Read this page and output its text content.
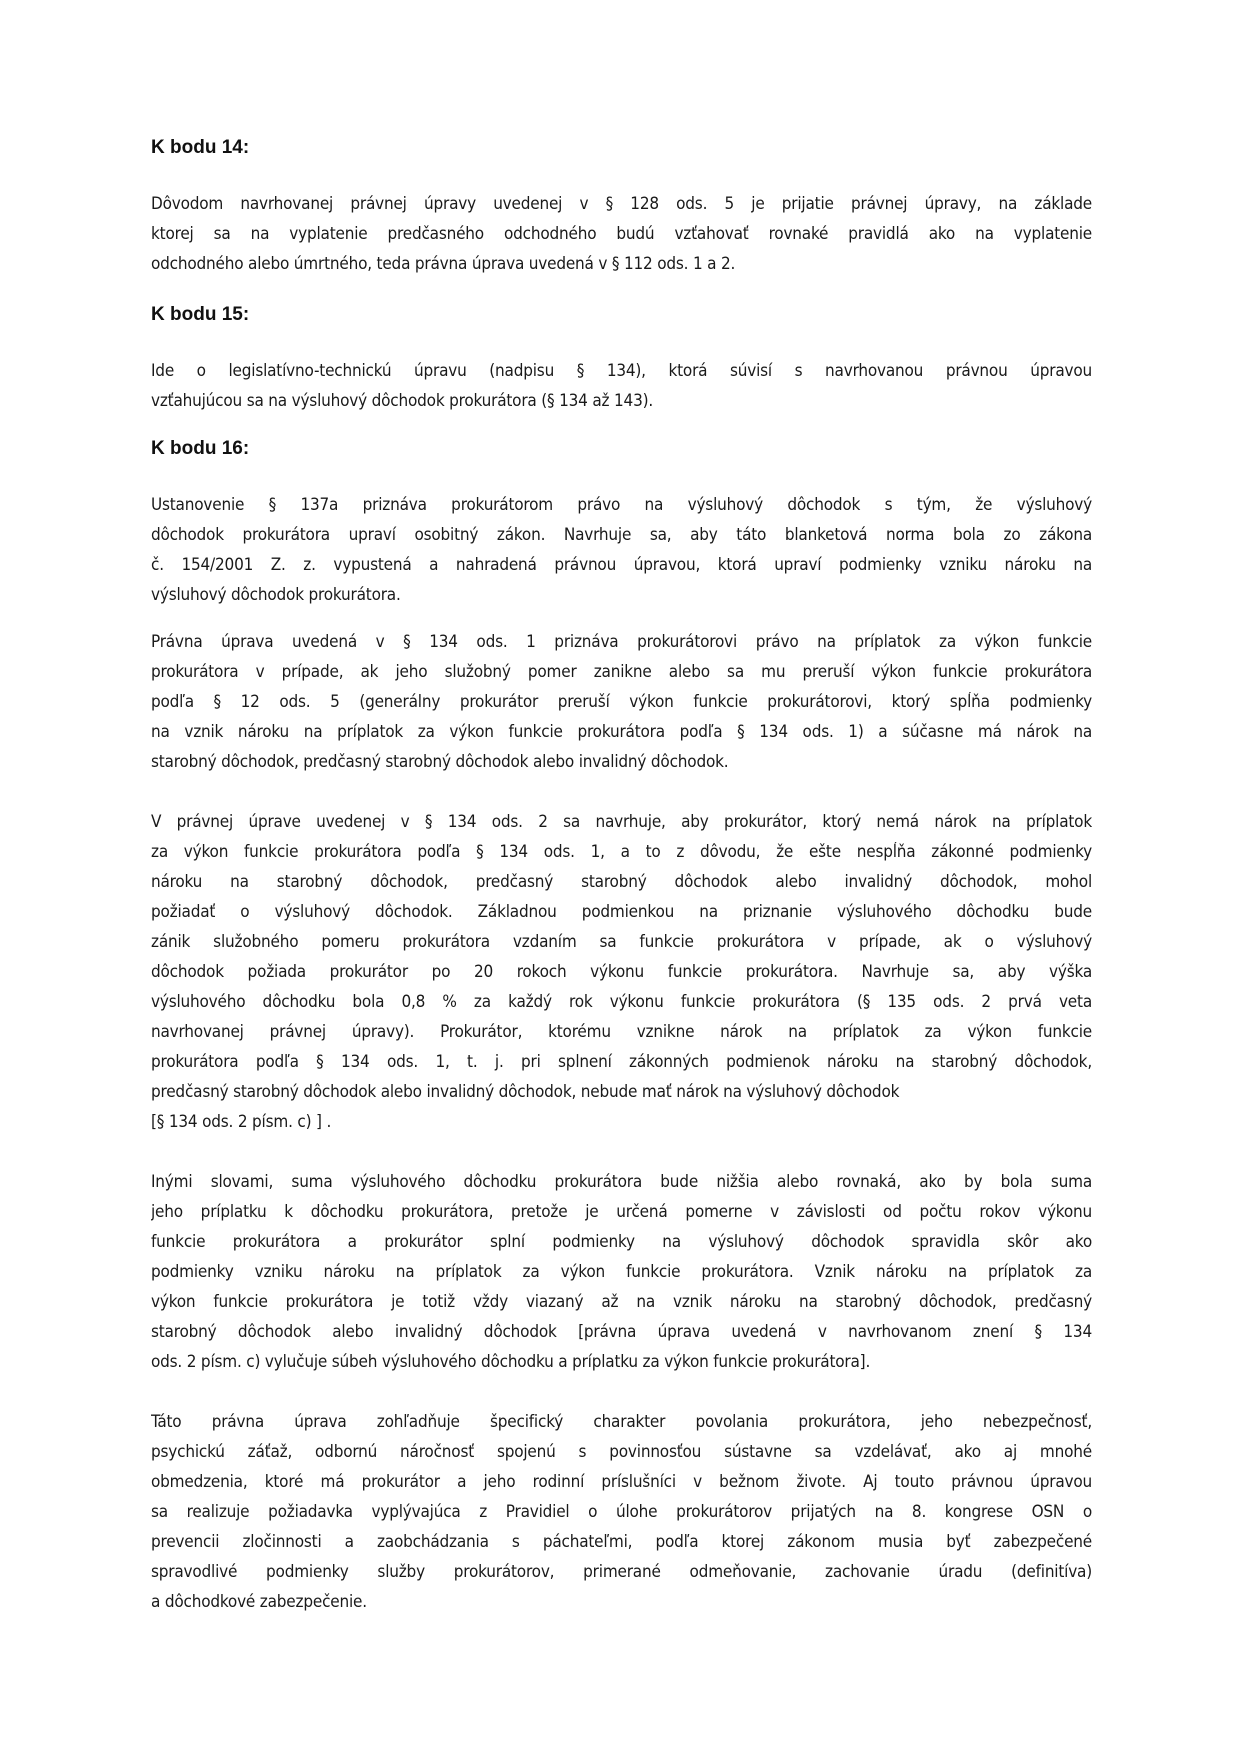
K bodu 14:
Dôvodom navrhovanej právnej úpravy uvedenej v § 128 ods. 5 je prijatie právnej úpravy, na základe
ktorej sa na vyplatenie predčasného odchodného budú vzťahovať rovnaké pravidlá ako na vyplatenie
odchodného alebo úmrtného, teda právna úprava uvedená v § 112 ods. 1 a 2.
K bodu 15:
Ide o legislatívno-technickú úpravu (nadpisu § 134), ktorá súvisí s navrhovanou právnou úpravou
vzťahujúcou sa na výsluhový dôchodok prokurátora (§ 134 až 143).
K bodu 16:
Ustanovenie § 137a priznáva prokurátorom právo na výsluhový dôchodok s tým, že výsluhový
dôchodok prokurátora upraví osobitný zákon. Navrhuje sa, aby táto blanketová norma bola zo zákona
č. 154/2001 Z. z. vypustená a nahradená právnou úpravou, ktorá upraví podmienky vzniku nároku na
výsluhový dôchodok prokurátora.
Právna úprava uvedená v § 134 ods. 1 priznáva prokurátorovi právo na príplatok za výkon funkcie
prokurátora v prípade, ak jeho služobný pomer zanikne alebo sa mu preruší výkon funkcie prokurátora
podľa § 12 ods. 5 (generálny prokurátor preruší výkon funkcie prokurátorovi, ktorý spĺňa podmienky
na vznik nároku na príplatok za výkon funkcie prokurátora podľa § 134 ods. 1) a súčasne má nárok na
starobný dôchodok, predčasný starobný dôchodok alebo invalidný dôchodok.
V právnej úprave uvedenej v § 134 ods. 2 sa navrhuje, aby prokurátor, ktorý nemá nárok na príplatok
za výkon funkcie prokurátora podľa § 134 ods. 1, a to z dôvodu, že ešte nespĺňa zákonné podmienky
nároku na starobný dôchodok, predčasný starobný dôchodok alebo invalidný dôchodok, mohol
požiadať o výsluhový dôchodok. Základnou podmienkou na priznanie výsluhového dôchodku bude
zánik služobného pomeru prokurátora vzdaním sa funkcie prokurátora v prípade, ak o výsluhový
dôchodok požiada prokurátor po 20 rokoch výkonu funkcie prokurátora. Navrhuje sa, aby výška
výsluhového dôchodku bola 0,8 % za každý rok výkonu funkcie prokurátora (§ 135 ods. 2 prvá veta
navrhovanej právnej úpravy). Prokurátor, ktorému vznikne nárok na príplatok za výkon funkcie
prokurátora podľa § 134 ods. 1, t. j. pri splnení zákonných podmienok nároku na starobný dôchodok,
predčasný starobný dôchodok alebo invalidný dôchodok, nebude mať nárok na výsluhový dôchodok
[§ 134 ods. 2 písm. c) ] .
Inými slovami, suma výsluhového dôchodku prokurátora bude nižšia alebo rovnaká, ako by bola suma
jeho príplatku k dôchodku prokurátora, pretože je určená pomerne v závislosti od počtu rokov výkonu
funkcie prokurátora a prokurátor splní podmienky na výsluhový dôchodok spravidla skôr ako
podmienky vzniku nároku na príplatok za výkon funkcie prokurátora. Vznik nároku na príplatok za
výkon funkcie prokurátora je totiž vždy viazaný až na vznik nároku na starobný dôchodok, predčasný
starobný dôchodok alebo invalidný dôchodok [právna úprava uvedená v navrhovanom znení § 134
ods. 2 písm. c) vylučuje súbeh výsluhového dôchodku a príplatku za výkon funkcie prokurátora].
Táto právna úprava zohľadňuje špecifický charakter povolania prokurátora, jeho nebezpečnosť,
psychickú záťaž, odbornú náročnosť spojenú s povinnosťou sústavne sa vzdelávať, ako aj mnohé
obmedzenia, ktoré má prokurátor a jeho rodinní príslušníci v bežnom živote. Aj touto právnou úpravou
sa realizuje požiadavka vyplývajúca z Pravidiel o úlohe prokurátorov prijatých na 8. kongrese OSN o
prevencii zločinnosti a zaobchádzania s páchateľmi, podľa ktorej zákonom musia byť zabezpečené
spravodlivé podmienky služby prokurátorov, primerané odmeňovanie, zachovanie úradu (definitíva)
a dôchodkové zabezpečenie.
